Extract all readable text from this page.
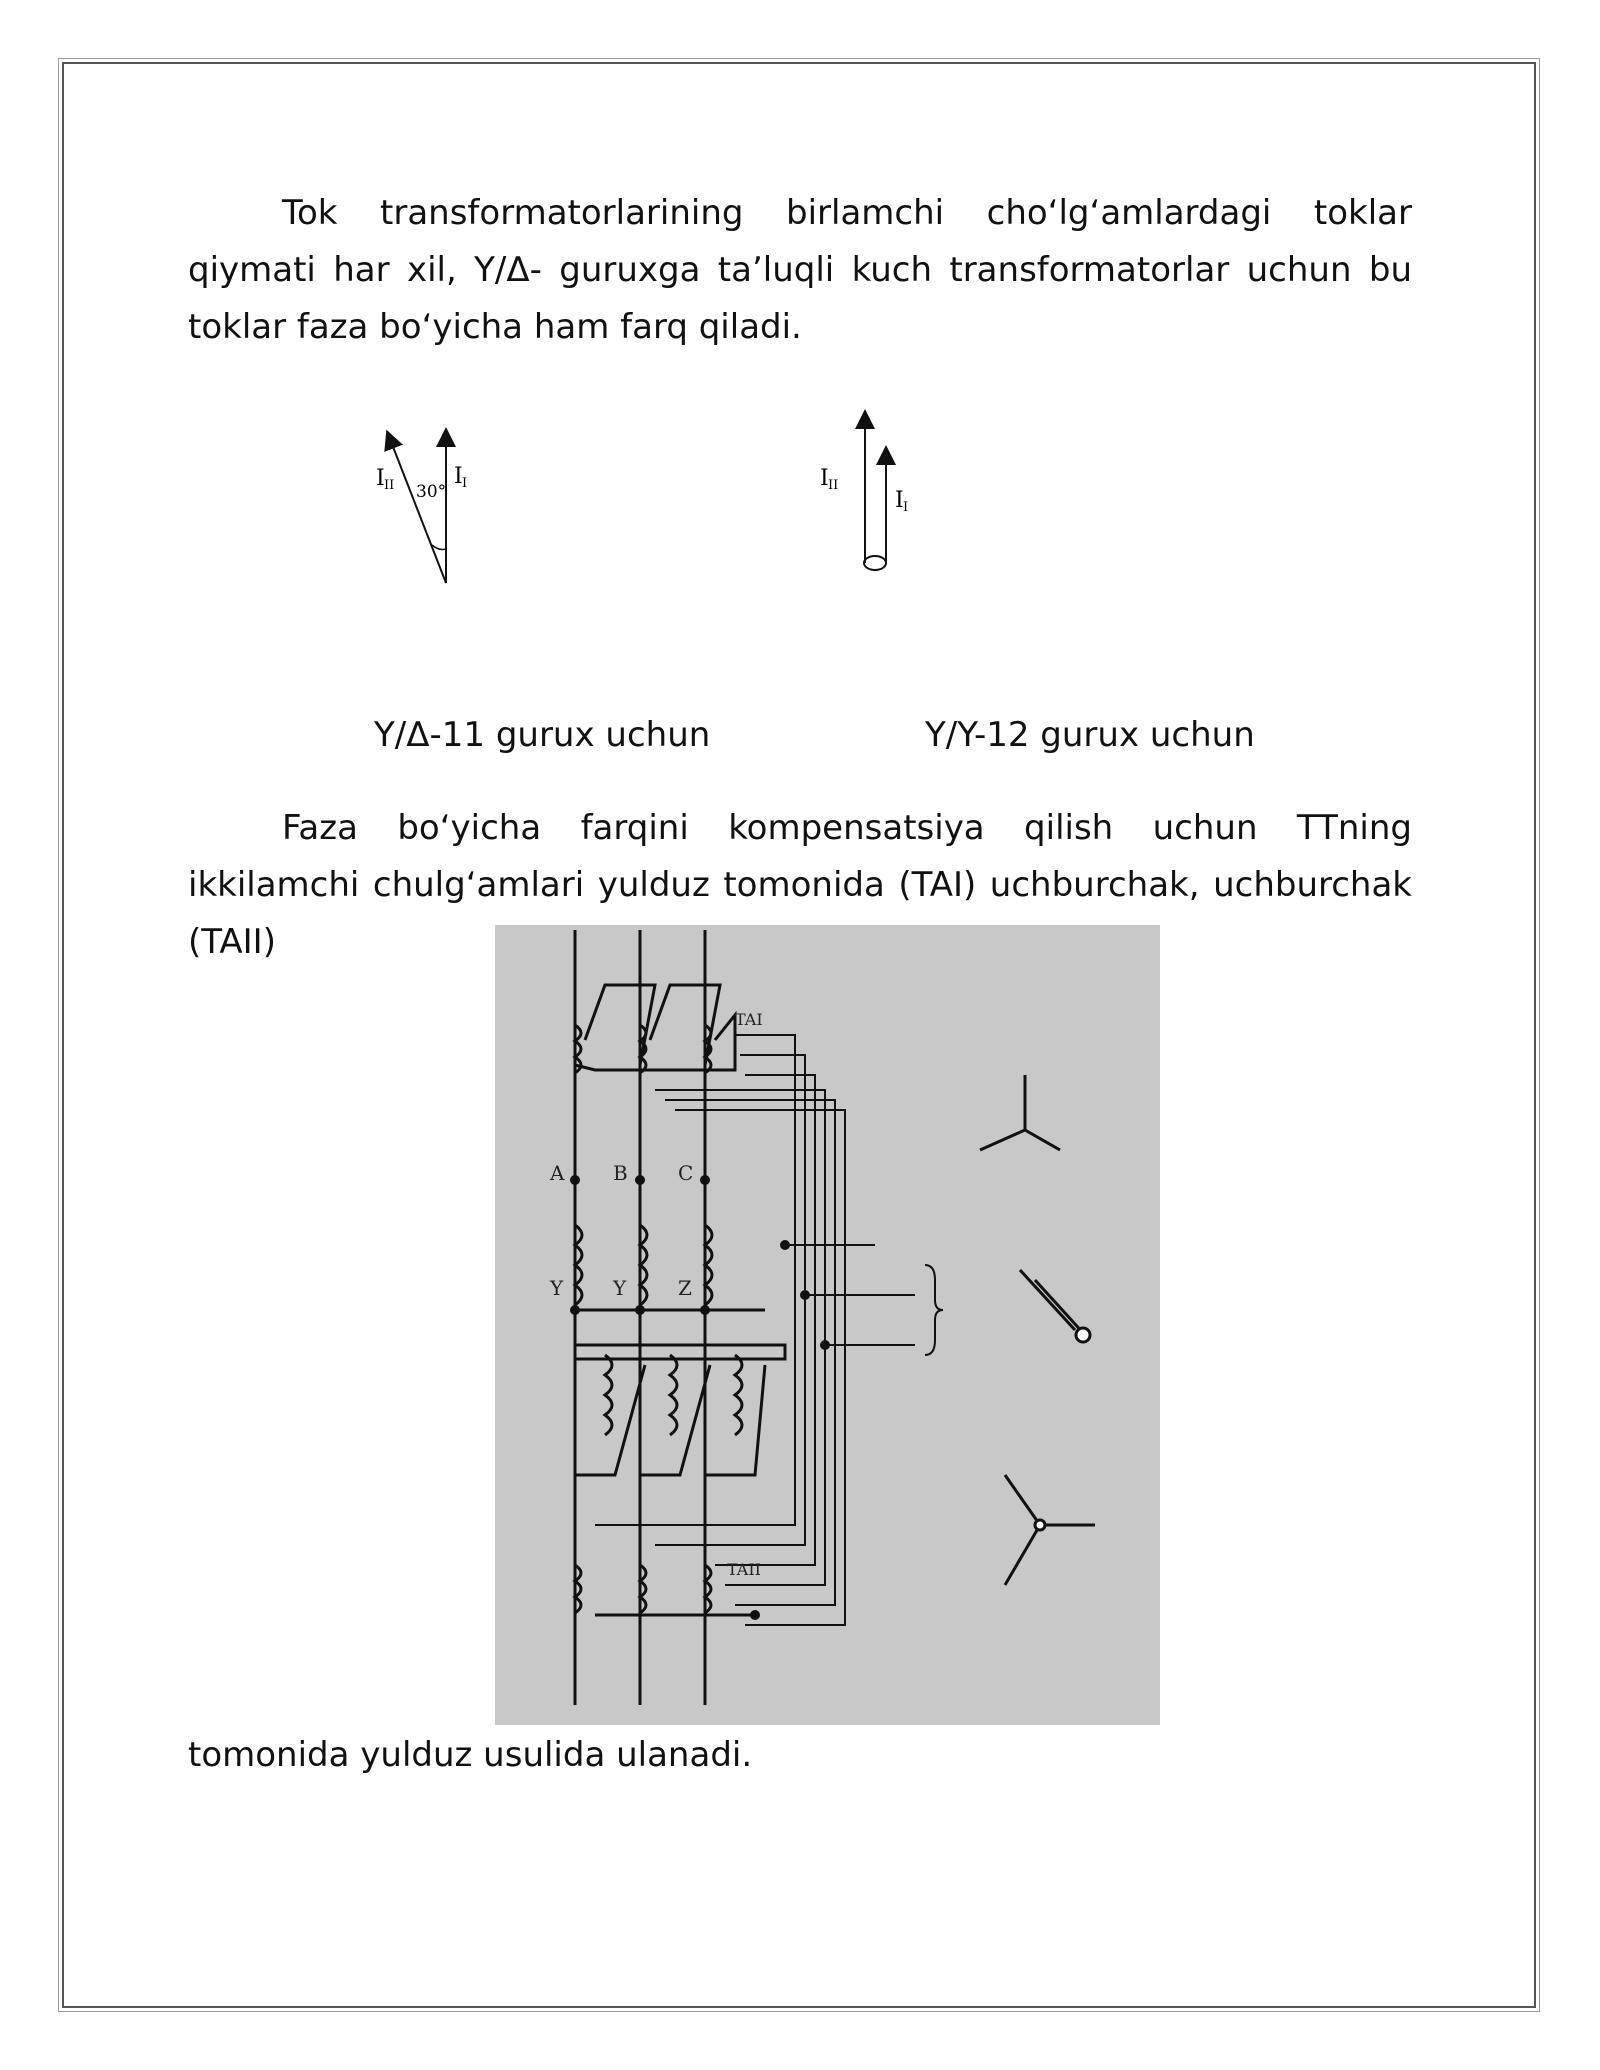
Tok transformatorlarining birlamchi cho‘lg‘amlardagi toklar qiymati har xil, Y/Δ- guruxga ta’luqli kuch transformatorlar uchun bu toklar faza bo‘yicha ham farq qiladi.

I II	I I
30°
I II
I I
Y/Δ-11 gurux uchun	Y/Y-12 gurux uchun

Faza bo‘yicha farqini kompensatsiya qilish uchun TTning ikkilamchi chulg‘amlari yulduz tomonida (TAI) uchburchak, uchburchak (TAII)

A B	C
Y Y	Z
TAI
TAII

tomonida yulduz usulida ulanadi.
